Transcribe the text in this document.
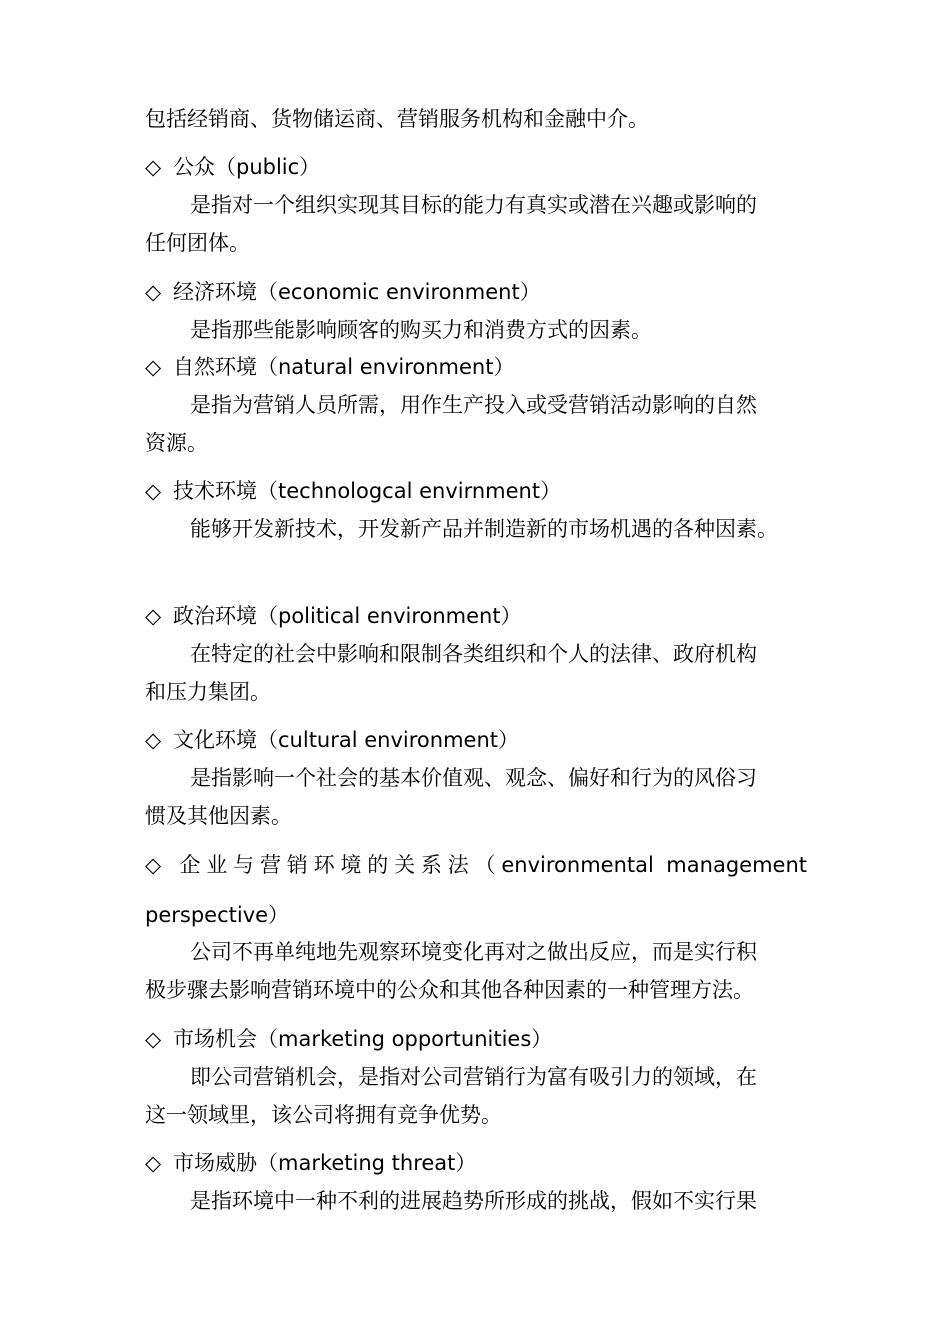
包括经销商、货物储运商、营销服务机构和金融中介。
◇ 公众（public）
是指对一个组织实现其目标的能力有真实或潜在兴趣或影响的
任何团体。
◇ 经济环境（economic environment）
是指那些能影响顾客的购买力和消费方式的因素。
◇ 自然环境（natural environment）
是指为营销人员所需，用作生产投入或受营销活动影响的自然
资源。
◇ 技术环境（technologcal envirnment）
能够开发新技术，开发新产品并制造新的市场机遇的各种因素。
◇ 政治环境（political environment）
在特定的社会中影响和限制各类组织和个人的法律、政府机构
和压力集团。
◇ 文化环境（cultural environment）
是指影响一个社会的基本价值观、观念、偏好和行为的风俗习
惯及其他因素。
◇ 企业与营销环境的关系法（environmental management
perspective）
公司不再单纯地先观察环境变化再对之做出反应，而是实行积
极步骤去影响营销环境中的公众和其他各种因素的一种管理方法。
◇ 市场机会（marketing opportunities）
即公司营销机会，是指对公司营销行为富有吸引力的领域，在
这一领域里，该公司将拥有竞争优势。
◇ 市场威胁（marketing threat）
是指环境中一种不利的进展趋势所形成的挑战，假如不实行果
